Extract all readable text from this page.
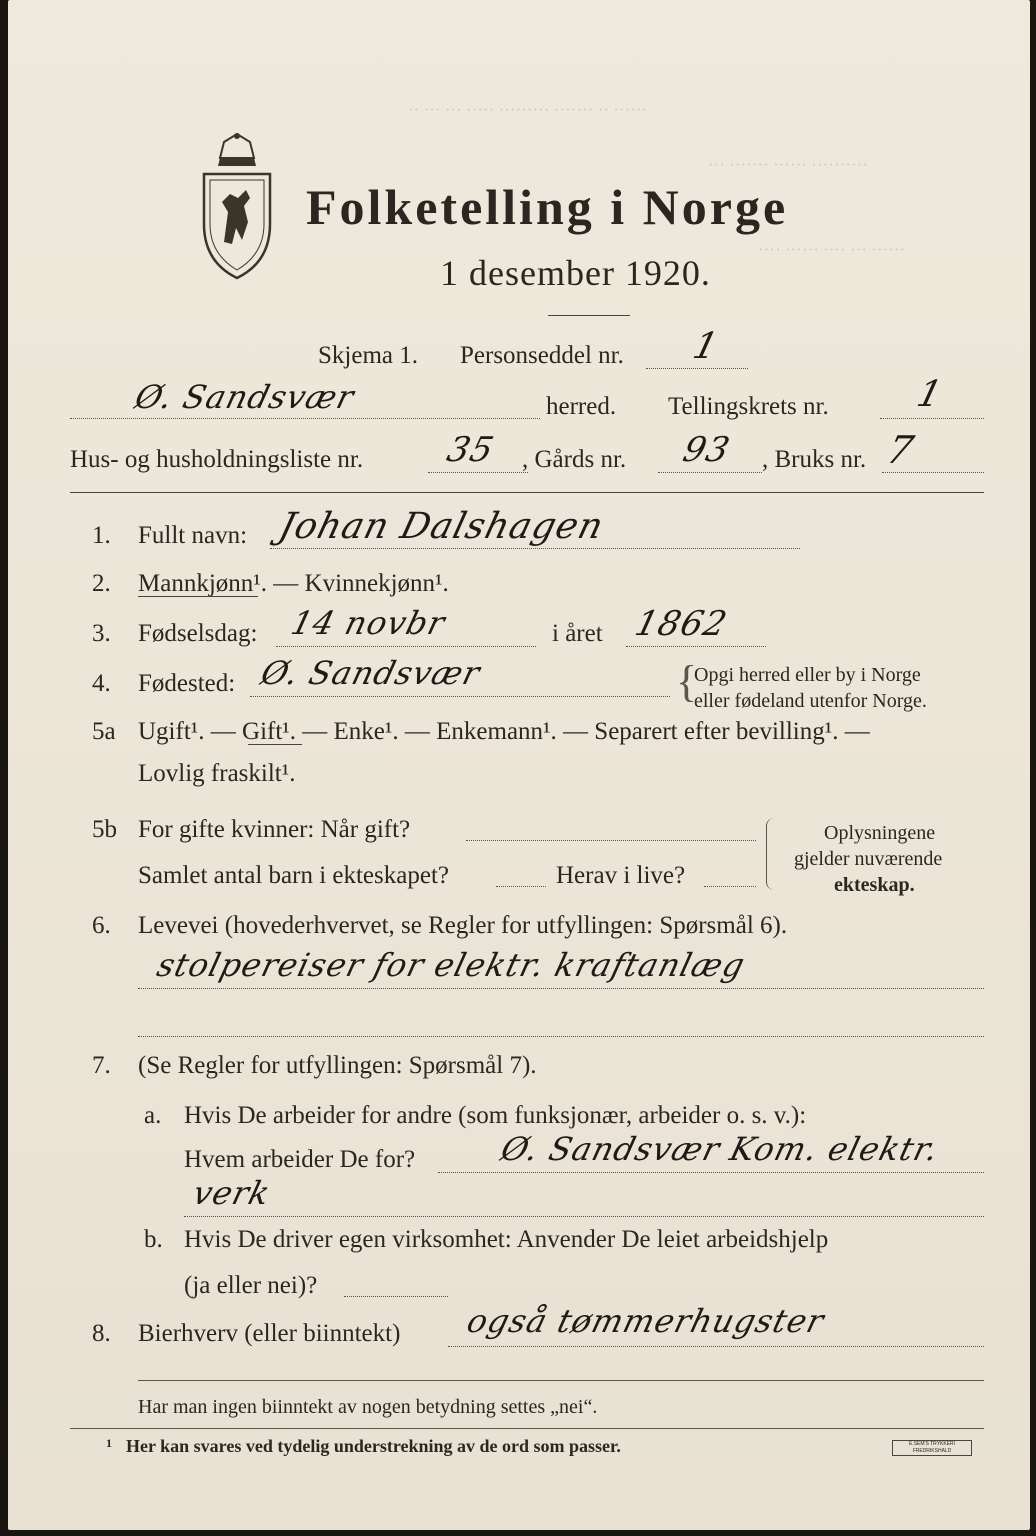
·· ··· ··· ····· ········· ······· ·· ······
··· ······· ······ ··········
···· ······ ···· ··· ······
Folketelling i Norge
1 desember 1920.
Skjema 1. Personseddel nr. 1
Ø. Sandsvær	herred. Tellingskrets nr. 1
Hus- og husholdningsliste nr. 35 , Gårds nr. 93 , Bruks nr. 7
1. Fullt navn: Johan Dalshagen
2. Mannkjønn¹. — Kvinnekjønn¹.
3. Fødselsdag: 14 novbr	i året 1862
4. Fødested: Ø. Sandsvær	{
Opgi herred eller by i Norge
eller fødeland utenfor Norge.
5a Ugift¹. — Gift¹. — Enke¹. — Enkemann¹. — Separert efter bevilling¹. —
Lovlig fraskilt¹.
5b For gifte kvinner: Når gift?
Samlet antal barn i ekteskapet?	Herav i live?
Oplysningene
gjelder nuværende
ekteskap.
6. Levevei (hovederhvervet, se Regler for utfyllingen: Spørsmål 6).
stolpereiser for elektr. kraftanlæg
7. (Se Regler for utfyllingen: Spørsmål 7).
a. Hvis De arbeider for andre (som funksjonær, arbeider o. s. v.):
Hvem arbeider De for?	Ø. Sandsvær Kom. elektr.
verk
b. Hvis De driver egen virksomhet: Anvender De leiet arbeidshjelp
(ja eller nei)?
8. Bierhverv (eller biinntekt) også tømmerhugster
Har man ingen biinntekt av nogen betydning settes „nei“.
1 Her kan svares ved tydelig understrekning av de ord som passer.	E.SEM'S TRYKKERI FREDRIKSHALD
